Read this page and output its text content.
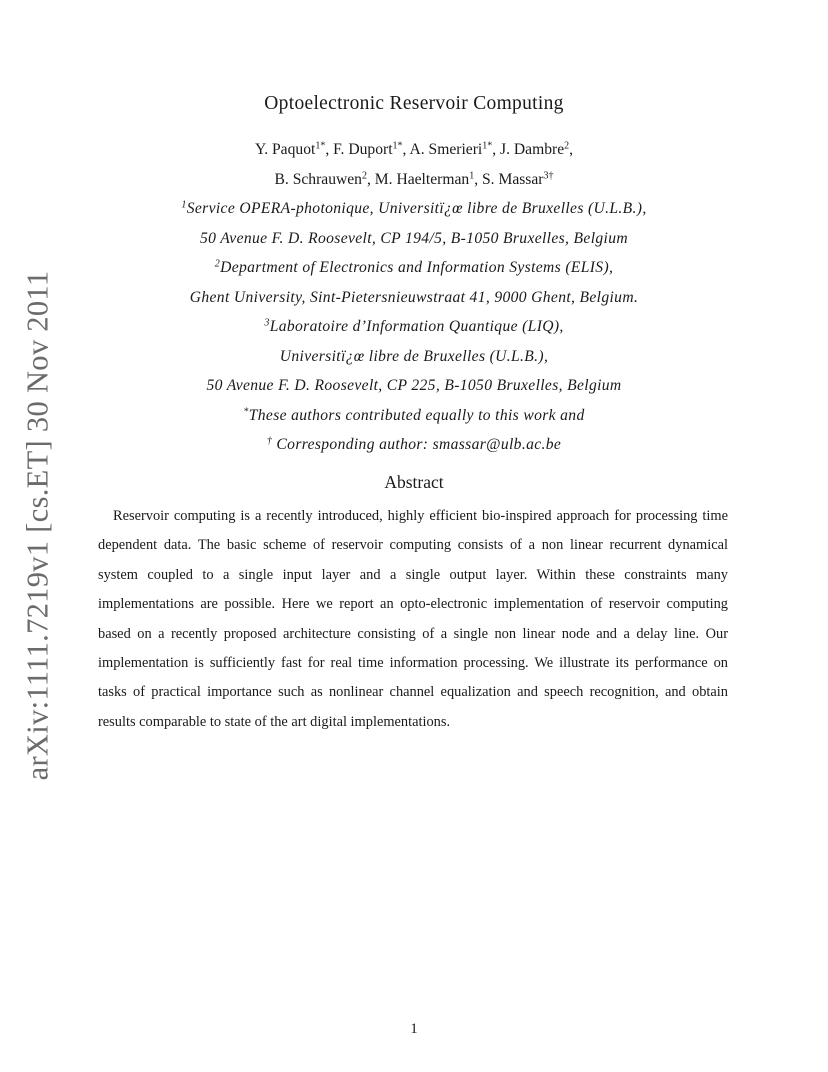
arXiv:1111.7219v1 [cs.ET] 30 Nov 2011
Optoelectronic Reservoir Computing
Y. Paquot$^{1*}$, F. Duport$^{1*}$, A. Smerieri$^{1*}$, J. Dambre$^2$,
B. Schrauwen$^2$, M. Haelterman$^1$, S. Massar$^{3\dagger}$
$^1$Service OPERA-photonique, Universitï¿œ libre de Bruxelles (U.L.B.),
50 Avenue F. D. Roosevelt, CP 194/5, B-1050 Bruxelles, Belgium
$^2$Department of Electronics and Information Systems (ELIS),
Ghent University, Sint-Pietersnieuwstraat 41, 9000 Ghent, Belgium.
$^3$Laboratoire d’Information Quantique (LIQ),
Universitï¿œ libre de Bruxelles (U.L.B.),
50 Avenue F. D. Roosevelt, CP 225, B-1050 Bruxelles, Belgium
*These authors contributed equally to this work and
† Corresponding author: smassar@ulb.ac.be
Abstract

Reservoir computing is a recently introduced, highly efficient bio-inspired approach for processing time dependent data. The basic scheme of reservoir computing consists of a non linear recurrent dynamical system coupled to a single input layer and a single output layer. Within these constraints many implementations are possible. Here we report an opto-electronic implementation of reservoir computing based on a recently proposed architecture consisting of a single non linear node and a delay line. Our implementation is sufficiently fast for real time information processing. We illustrate its performance on tasks of practical importance such as nonlinear channel equalization and speech recognition, and obtain results comparable to state of the art digital implementations.

1
